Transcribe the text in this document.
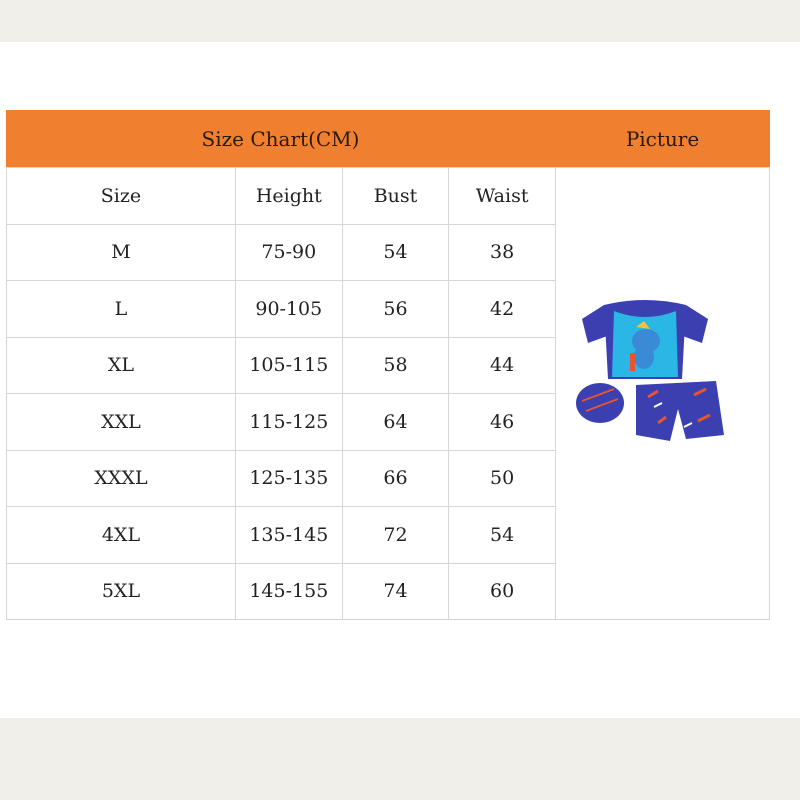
Size Chart(CM)	Picture
Size	Height	Bust	Waist	

M	75-90	54	38	
L	90-105	56	42	
XL	105-115	58	44	
XXL	115-125	64	46	
XXXL	125-135	66	50	
4XL	135-145	72	54	
5XL	145-155	74	60	
